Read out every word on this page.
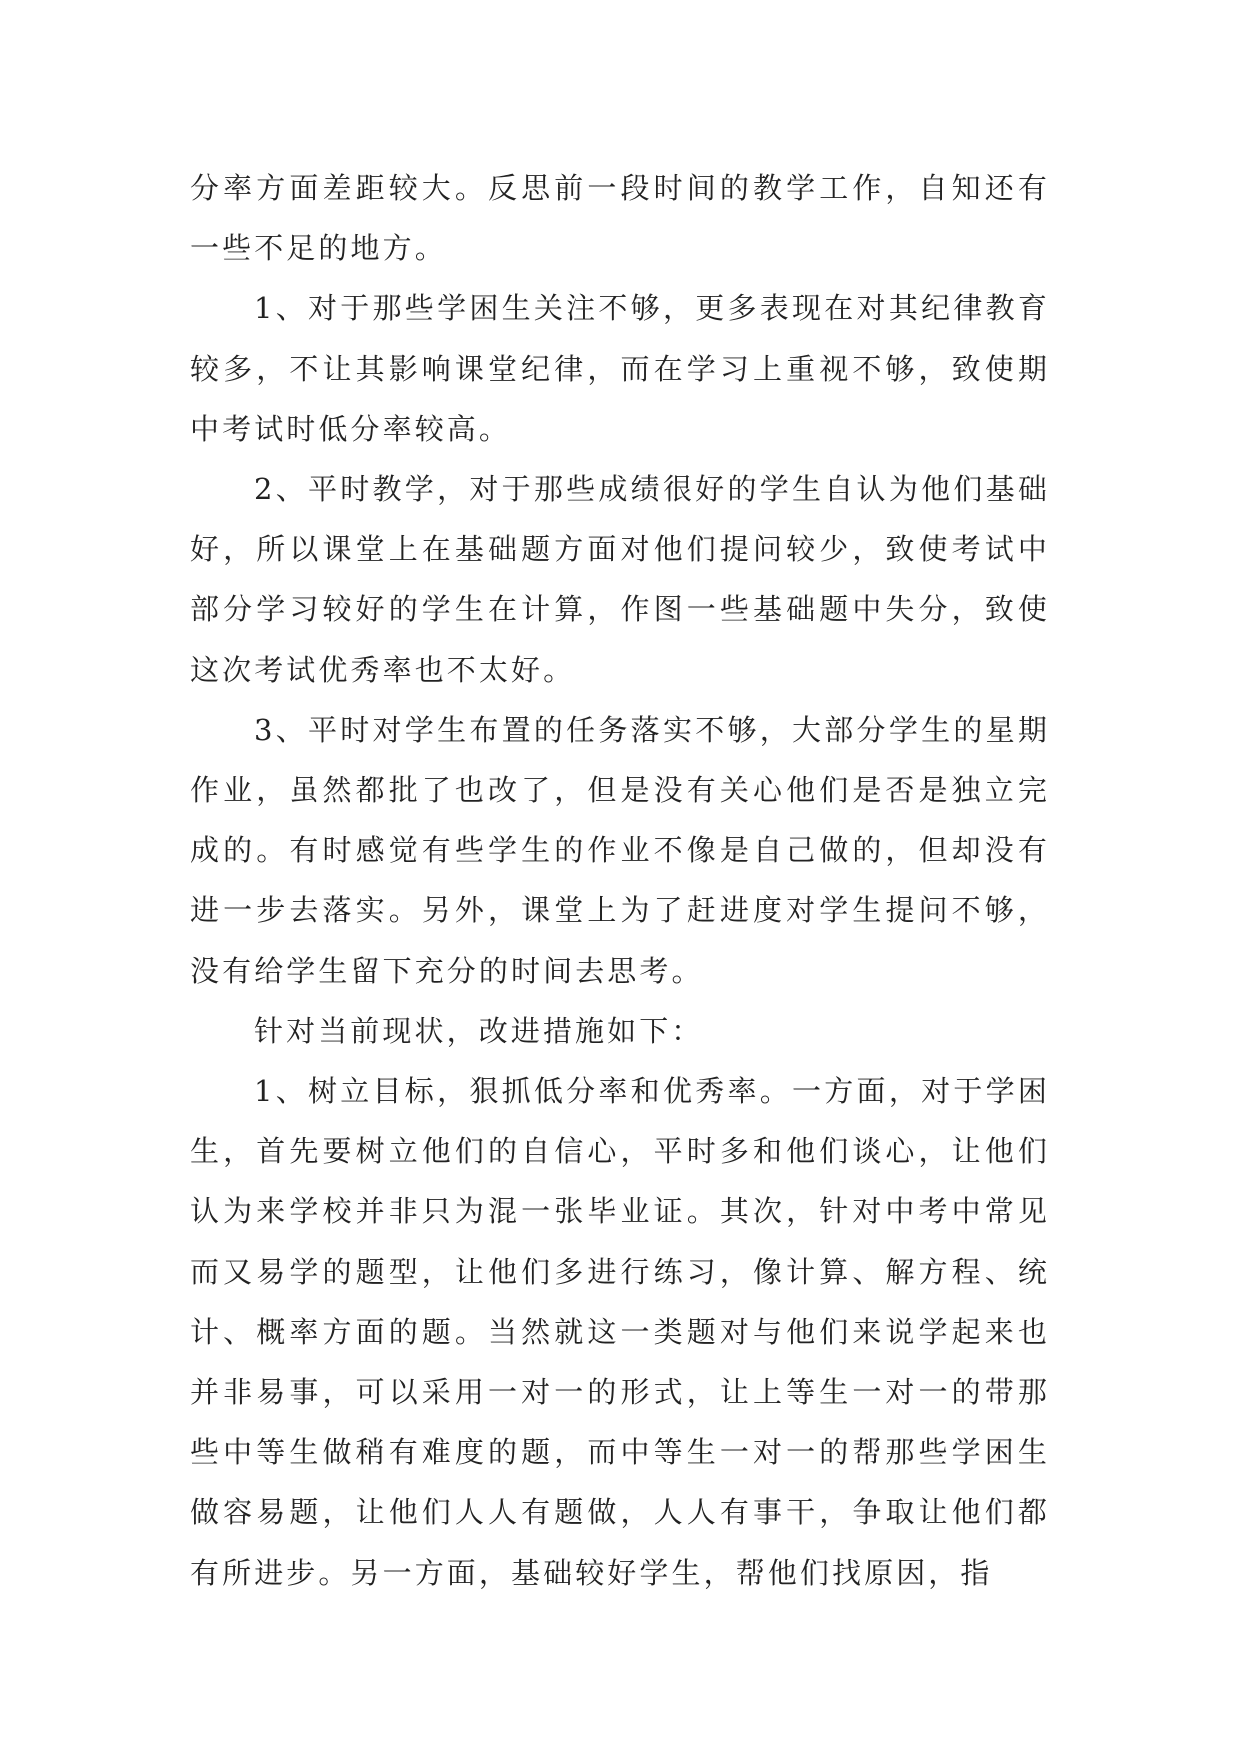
分率方面差距较大。反思前一段时间的教学工作，自知还有一些不足的地方。

1、对于那些学困生关注不够，更多表现在对其纪律教育较多，不让其影响课堂纪律，而在学习上重视不够，致使期中考试时低分率较高。

2、平时教学，对于那些成绩很好的学生自认为他们基础好，所以课堂上在基础题方面对他们提问较少，致使考试中部分学习较好的学生在计算，作图一些基础题中失分，致使这次考试优秀率也不太好。

3、平时对学生布置的任务落实不够，大部分学生的星期作业，虽然都批了也改了，但是没有关心他们是否是独立完成的。有时感觉有些学生的作业不像是自己做的，但却没有进一步去落实。另外，课堂上为了赶进度对学生提问不够，没有给学生留下充分的时间去思考。

针对当前现状，改进措施如下：

1、树立目标，狠抓低分率和优秀率。一方面，对于学困生，首先要树立他们的自信心，平时多和他们谈心，让他们认为来学校并非只为混一张毕业证。其次，针对中考中常见而又易学的题型，让他们多进行练习，像计算、解方程、统计、概率方面的题。当然就这一类题对与他们来说学起来也并非易事，可以采用一对一的形式，让上等生一对一的带那些中等生做稍有难度的题，而中等生一对一的帮那些学困生做容易题，让他们人人有题做，人人有事干，争取让他们都有所进步。另一方面，基础较好学生，帮他们找原因，指
